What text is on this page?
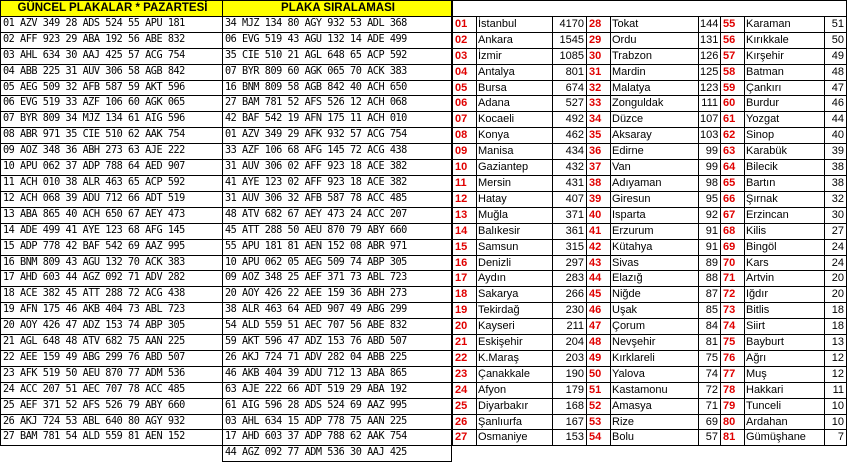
GÜNCEL PLAKALAR * PAZARTESİ
01 AZV 349 28 ADS 524 55 APU 181
02 AFF 923 29 ABA 192 56 ABE 832
03 AHL 634 30 AAJ 425 57 ACG 754
04 ABB 225 31 AUV 306 58 AGB 842
05 AEG 509 32 AFB 587 59 AKT 596
06 EVG 519 33 AZF 106 60 AGK 065
07 BYR 809 34 MJZ 134 61 AIG 596
08 ABR 971 35 CIE 510 62 AAK 754
09 AOZ 348 36 ABH 273 63 AJE 222
10 APU 062 37 ADP 788 64 AED 907
11 ACH 010 38 ALR 463 65 ACP 592
12 ACH 068 39 ADU 712 66 ADT 519
13 ABA 865 40 ACH 650 67 AEY 473
14 ADE 499 41 AYE 123 68 AFG 145
15 ADP 778 42 BAF 542 69 AAZ 995
16 BNM 809 43 AGU 132 70 ACK 383
17 AHD 603 44 AGZ 092 71 ADV 282
18 ACE 382 45 ATT 288 72 ACG 438
19 AFN 175 46 AKB 404 73 ABL 723
20 AOY 426 47 ADZ 153 74 ABP 305
21 AGL 648 48 ATV 682 75 AAN 225
22 AEE 159 49 ABG 299 76 ABD 507
23 AFK 519 50 AEU 870 77 ADM 536
24 ACC 207 51 AEC 707 78 ACC 485
25 AEF 371 52 AFS 526 79 ABY 660
26 AKJ 724 53 ABL 640 80 AGY 932
27 BAM 781 54 ALD 559 81 AEN 152
PLAKA SIRALAMASI
34 MJZ 134 80 AGY 932 53 ADL 368
06 EVG 519 43 AGU 132 14 ADE 499
35 CIE 510 21 AGL 648 65 ACP 592
07 BYR 809 60 AGK 065 70 ACK 383
16 BNM 809 58 AGB 842 40 ACH 650
27 BAM 781 52 AFS 526 12 ACH 068
42 BAF 542 19 AFN 175 11 ACH 010
01 AZV 349 29 AFK 932 57 ACG 754
33 AZF 106 68 AFG 145 72 ACG 438
31 AUV 306 02 AFF 923 18 ACE 382
41 AYE 123 02 AFF 923 18 ACE 382
31 AUV 306 32 AFB 587 78 ACC 485
48 ATV 682 67 AEY 473 24 ACC 207
45 ATT 288 50 AEU 870 79 ABY 660
55 APU 181 81 AEN 152 08 ABR 971
10 APU 062 05 AEG 509 74 ABP 305
09 AOZ 348 25 AEF 371 73 ABL 723
20 AOY 426 22 AEE 159 36 ABH 273
38 ALR 463 64 AED 907 49 ABG 299
54 ALD 559 51 AEC 707 56 ABE 832
59 AKT 596 47 ADZ 153 76 ABD 507
26 AKJ 724 71 ADV 282 04 ABB 225
46 AKB 404 39 ADU 712 13 ABA 865
63 AJE 222 66 ADT 519 29 ABA 192
61 AIG 596 28 ADS 524 69 AAZ 995
03 AHL 634 15 ADP 778 75 AAN 225
17 AHD 603 37 ADP 788 62 AAK 754
44 AGZ 092 77 ADM 536 30 AAJ 425

01	İstanbul	4170	28	Tokat	144	55	Karaman	51
02	Ankara	1545	29	Ordu	131	56	Kırıkkale	50
03	İzmir	1085	30	Trabzon	126	57	Kırşehir	49
04	Antalya	801	31	Mardin	125	58	Batman	48
05	Bursa	674	32	Malatya	123	59	Çankırı	47
06	Adana	527	33	Zonguldak	111	60	Burdur	46
07	Kocaeli	492	34	Düzce	107	61	Yozgat	44
08	Konya	462	35	Aksaray	103	62	Sinop	40
09	Manisa	434	36	Edirne	99	63	Karabük	39
10	Gaziantep	432	37	Van	99	64	Bilecik	38
11	Mersin	431	38	Adıyaman	98	65	Bartın	38
12	Hatay	407	39	Giresun	95	66	Şırnak	32
13	Muğla	371	40	Isparta	92	67	Erzincan	30
14	Balıkesir	361	41	Erzurum	91	68	Kilis	27
15	Samsun	315	42	Kütahya	91	69	Bingöl	24
16	Denizli	297	43	Sivas	89	70	Kars	24
17	Aydın	283	44	Elazığ	88	71	Artvin	20
18	Sakarya	266	45	Niğde	87	72	Iğdır	20
19	Tekirdağ	230	46	Uşak	85	73	Bitlis	18
20	Kayseri	211	47	Çorum	84	74	Siirt	18
21	Eskişehir	204	48	Nevşehir	81	75	Bayburt	13
22	K.Maraş	203	49	Kırklareli	75	76	Ağrı	12
23	Çanakkale	190	50	Yalova	74	77	Muş	12
24	Afyon	179	51	Kastamonu	72	78	Hakkari	11
25	Diyarbakır	168	52	Amasya	71	79	Tunceli	10
26	Şanlıurfa	167	53	Rize	69	80	Ardahan	10
27	Osmaniye	153	54	Bolu	57	81	Gümüşhane	7
